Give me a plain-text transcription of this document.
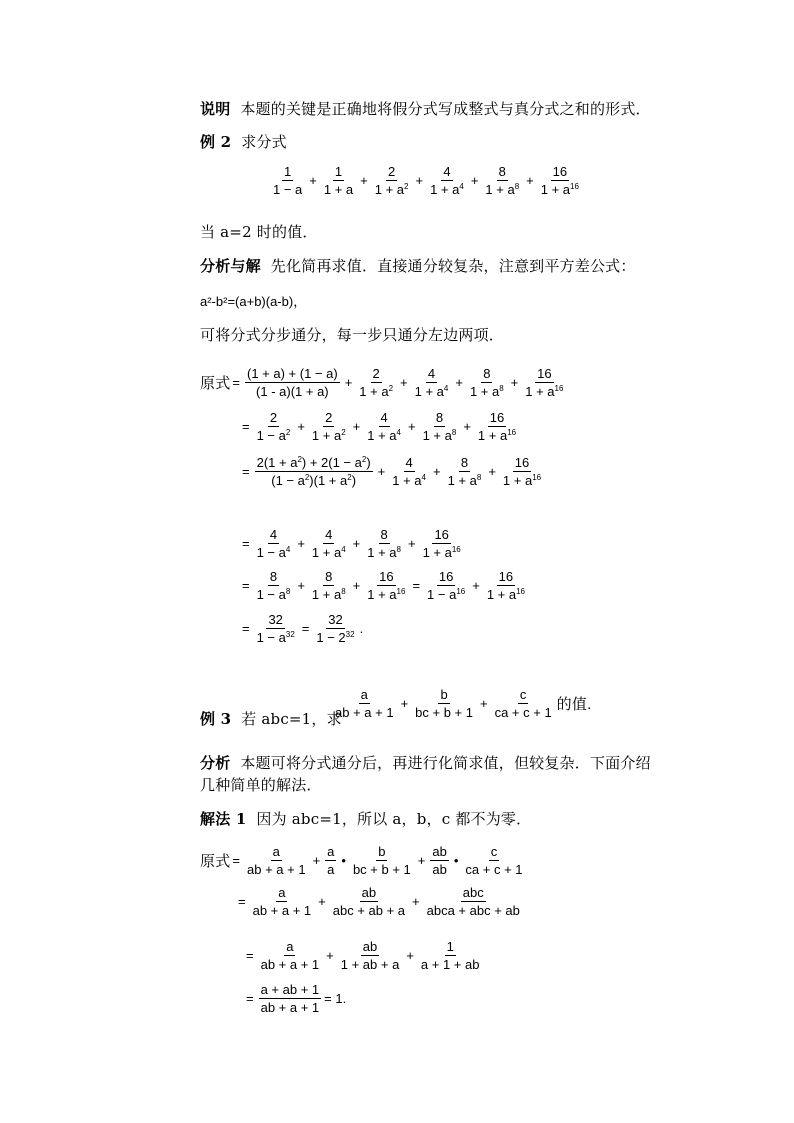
说明 本题的关键是正确地将假分式写成整式与真分式之和的形式．
例 2 求分式
1
1 − a
+ $\frac{1}{1 + a} + \frac{2}{1 + a^2} + \frac{4}{1 + a^4} + \frac{8}{1 + a^8} + \frac{16}{1 + a^{16}}$
当 a=2 时的值．
分析与解 先化简再求值．直接通分较复杂，注意到平方差公式：
a²-b²=(a+b)(a-b)，
可将分式分步通分，每一步只通分左边两项．
原式 = $\frac{(1 + a) + (1 - a)}{(1 - a)(1 + a)} + \frac{2}{1 + a^2} + \frac{4}{1 + a^4} + \frac{8}{1 + a^8} + \frac{16}{1 + a^{16}}$
= $\frac{2}{1 - a^2} + \frac{2}{1 + a^2} + \frac{4}{1 + a^4} + \frac{8}{1 + a^8} + \frac{16}{1 + a^{16}}$
= $\frac{2(1 + a^2) + 2(1 - a^2)}{(1 - a^2)(1 + a^2)} + \frac{4}{1 + a^4} + \frac{8}{1 + a^8} + \frac{16}{1 + a^{16}}$
= $\frac{4}{1 - a^4} + \frac{4}{1 + a^4} + \frac{8}{1 + a^8} + \frac{16}{1 + a^{16}}$
= $\frac{8}{1 - a^8} + \frac{8}{1 + a^8} + \frac{16}{1 + a^{16}} = \frac{16}{1 - a^{16}} + \frac{16}{1 + a^{16}}$
= $\frac{32}{1 - a^{32}} = \frac{32}{1 - 2^{32}}$ .
例 3 若 abc=1，求
a
ab + a + 1
+ $\frac{b}{bc + b + 1} + \frac{c}{ca + c + 1}$ 的值.
分析 本题可将分式通分后，再进行化简求值，但较复杂．下面介绍
几种简单的解法．
解法 1 因为 abc=1，所以 a，b，c 都不为零．
原式 = $\frac{a}{ab + a + 1} + \frac{a}{a}$ •
b
bc + b + 1
+ $\frac{ab}{ab}$ •
c
ca + c + 1
= $\frac{a}{ab + a + 1}$ +
ab
abc + ab + a
+
abc
abca + abc + ab
= $\frac{a}{ab + a + 1} + \frac{ab}{1 + ab + a} + \frac{1}{a + 1 + ab}$
= $\frac{a + ab + 1}{ab + a + 1} = 1$.
